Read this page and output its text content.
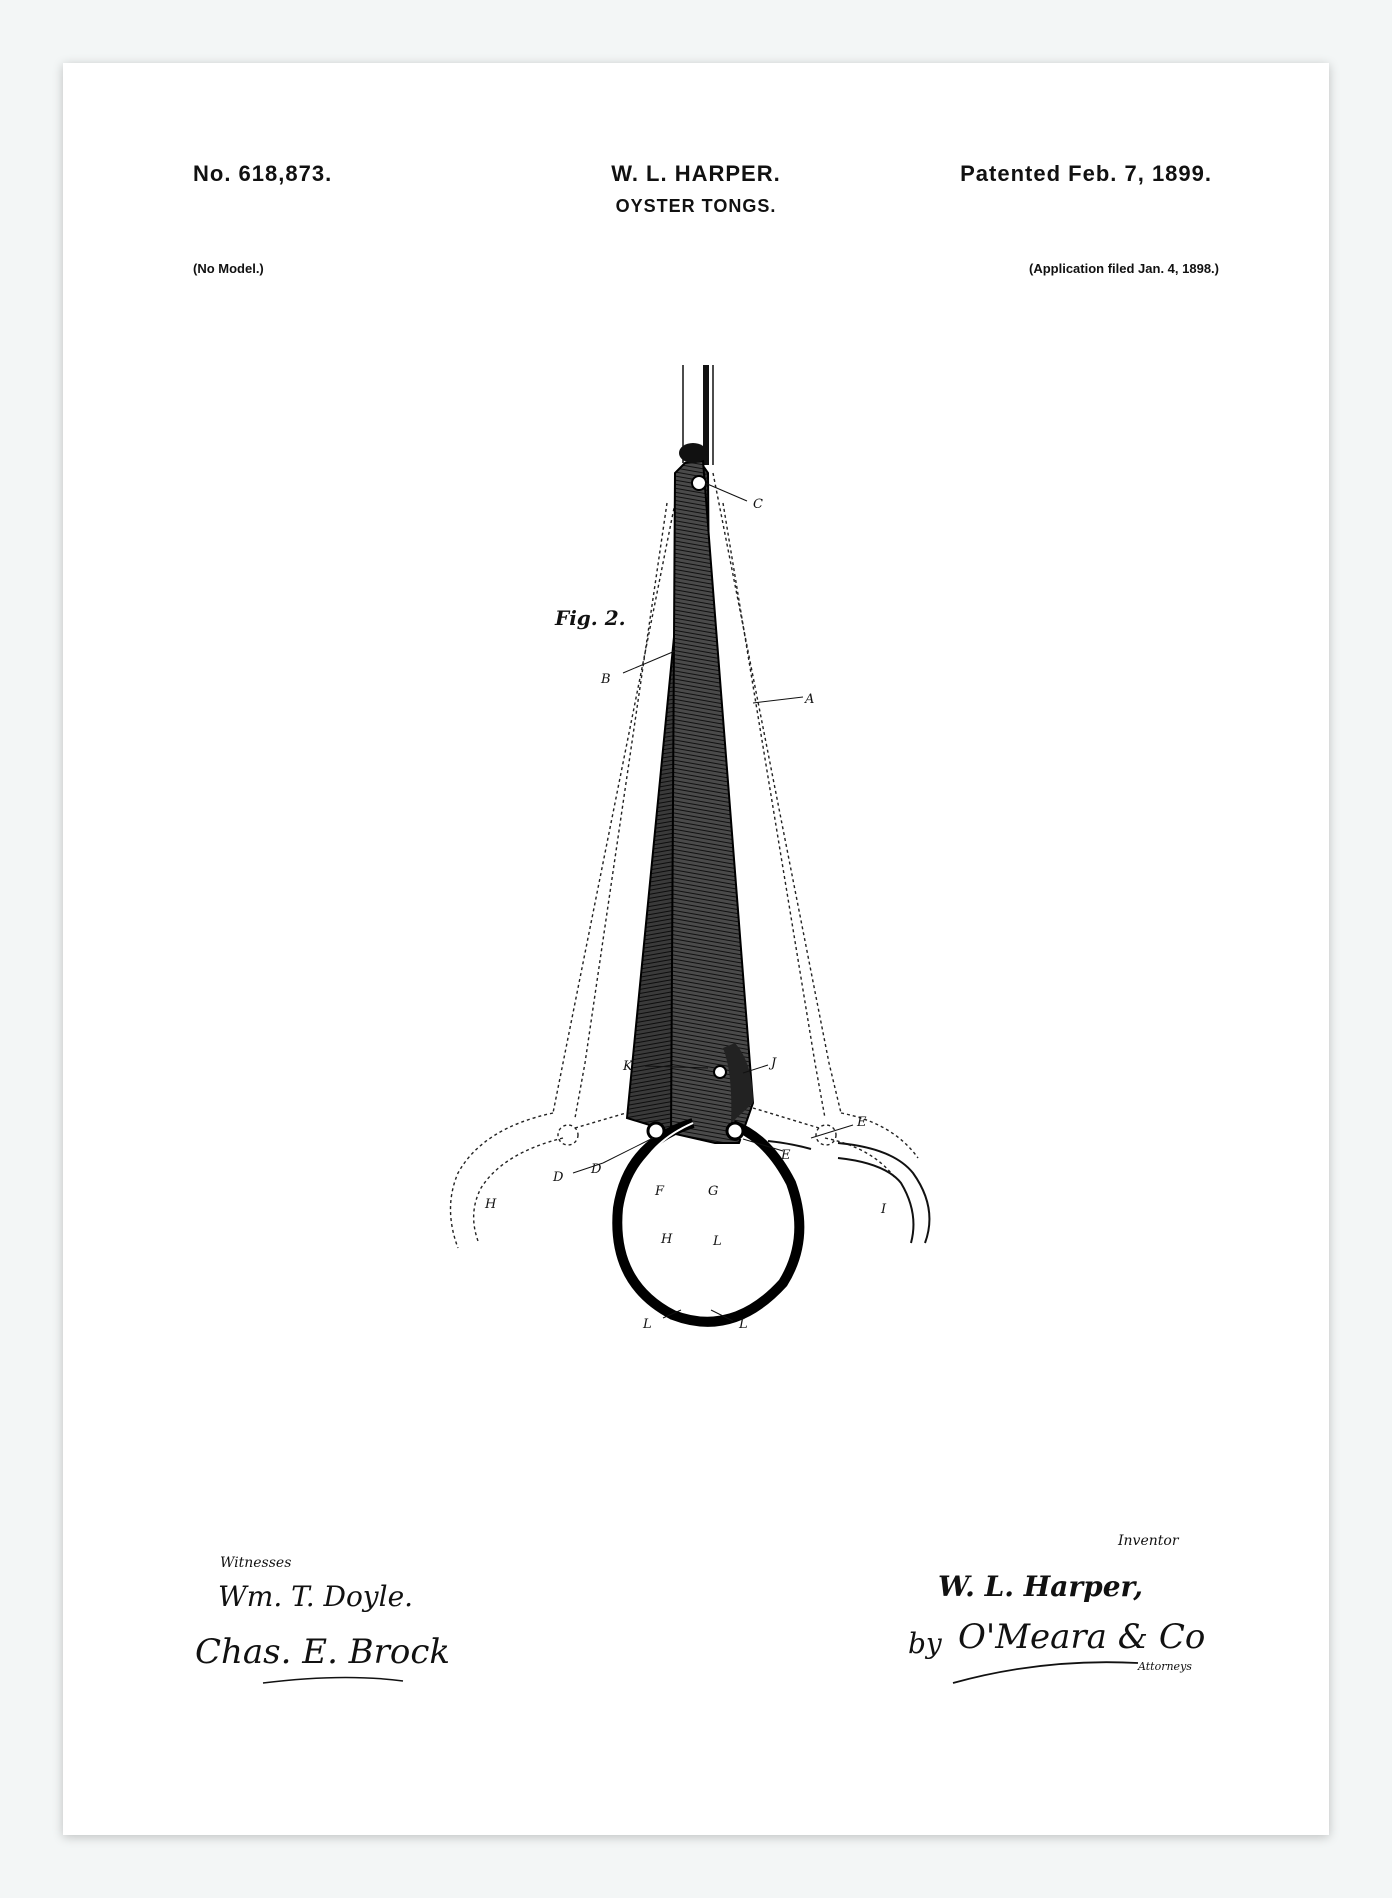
No. 618,873.	W. L. HARPER.	Patented Feb. 7, 1899.
OYSTER TONGS.
(No Model.)	(Application filed Jan. 4, 1898.)
C
B
A
K	J
E
E
D
D
F	G
H	I
H	L
L	L
Fig. 2.
Witnesses
Wm. T. Doyle.
Chas. E. Brock
Inventor
W. L. Harper,
by O'Meara & Co
Attorneys
